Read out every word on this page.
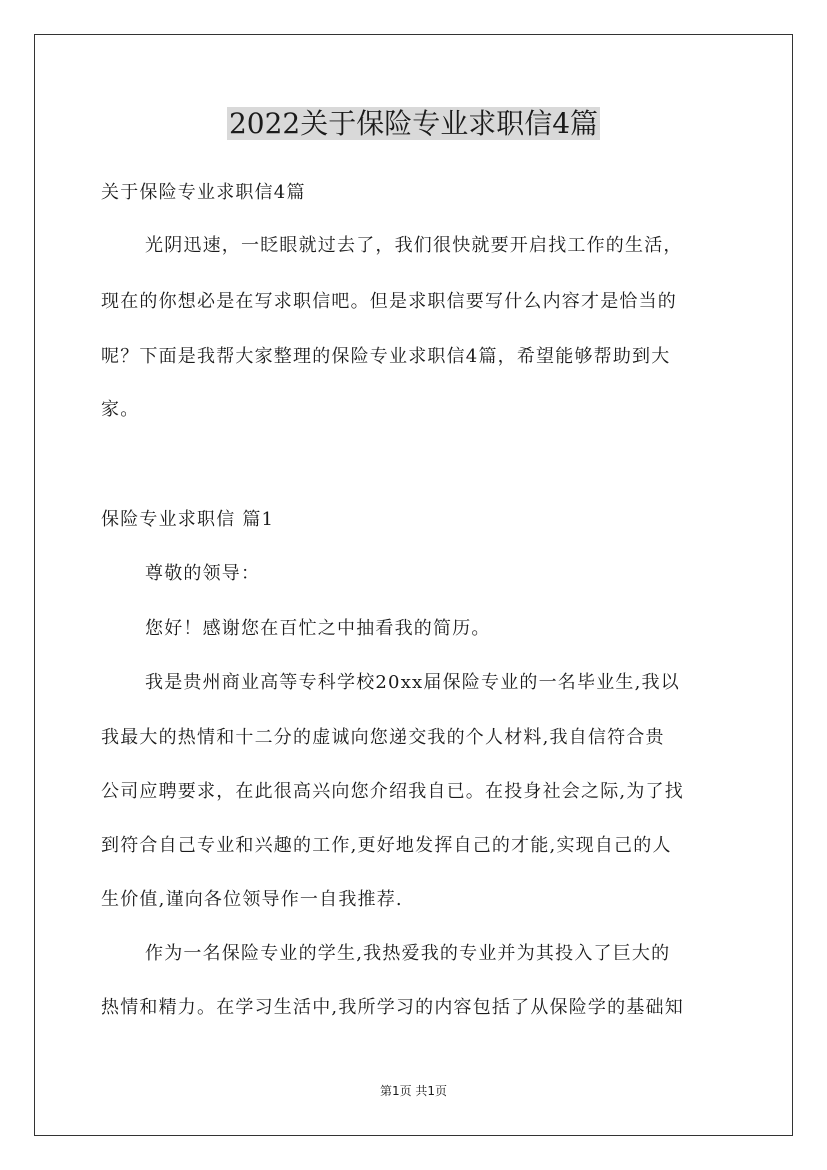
2022关于保险专业求职信4篇
关于保险专业求职信4篇
光阴迅速，一眨眼就过去了，我们很快就要开启找工作的生活，
现在的你想必是在写求职信吧。但是求职信要写什么内容才是恰当的
呢？下面是我帮大家整理的保险专业求职信4篇，希望能够帮助到大
家。
保险专业求职信 篇1
尊敬的领导：
您好！感谢您在百忙之中抽看我的简历。
我是贵州商业高等专科学校20xx届保险专业的一名毕业生,我以
我最大的热情和十二分的虚诚向您递交我的个人材料,我自信符合贵
公司应聘要求，在此很高兴向您介绍我自已。在投身社会之际,为了找
到符合自己专业和兴趣的工作,更好地发挥自己的才能,实现自己的人
生价值,谨向各位领导作一自我推荐.
作为一名保险专业的学生,我热爱我的专业并为其投入了巨大的
热情和精力。在学习生活中,我所学习的内容包括了从保险学的基础知
第1页 共1页
